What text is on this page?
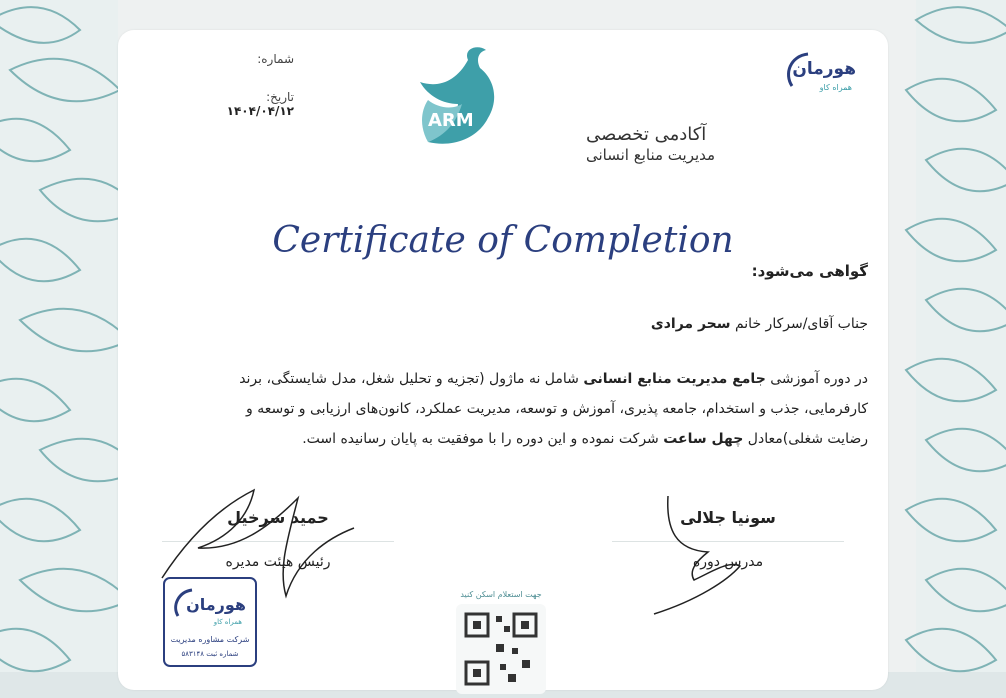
شماره:
تاریخ: ۱۴۰۴/۰۴/۱۲	ARM
آکادمی تخصصی
مدیریت منابع انسانی
هورمان
همراه کاو
Certificate of Completion
گواهی می‌شود:
جناب آقای/سرکار خانم سحر مرادی
در دوره آموزشی جامع مدیریت منابع انسانی شامل نه ماژول (تجزیه و تحلیل شغل، مدل شایستگی، برند کارفرمایی، جذب و استخدام، جامعه پذیری، آموزش و توسعه، مدیریت عملکرد، کانون‌های ارزیابی و توسعه و رضایت شغلی)معادل چهل ساعت شرکت نموده و این دوره را با موفقیت به پایان رسانیده است.
حمید سرخیل
رئیس هیئت مدیره
سونیا جلالی
مدرس دوره
هورمان
همراه کاو
شرکت مشاوره مدیریت
شماره ثبت ۵۸۳۱۴۸
جهت استعلام اسکن کنید
